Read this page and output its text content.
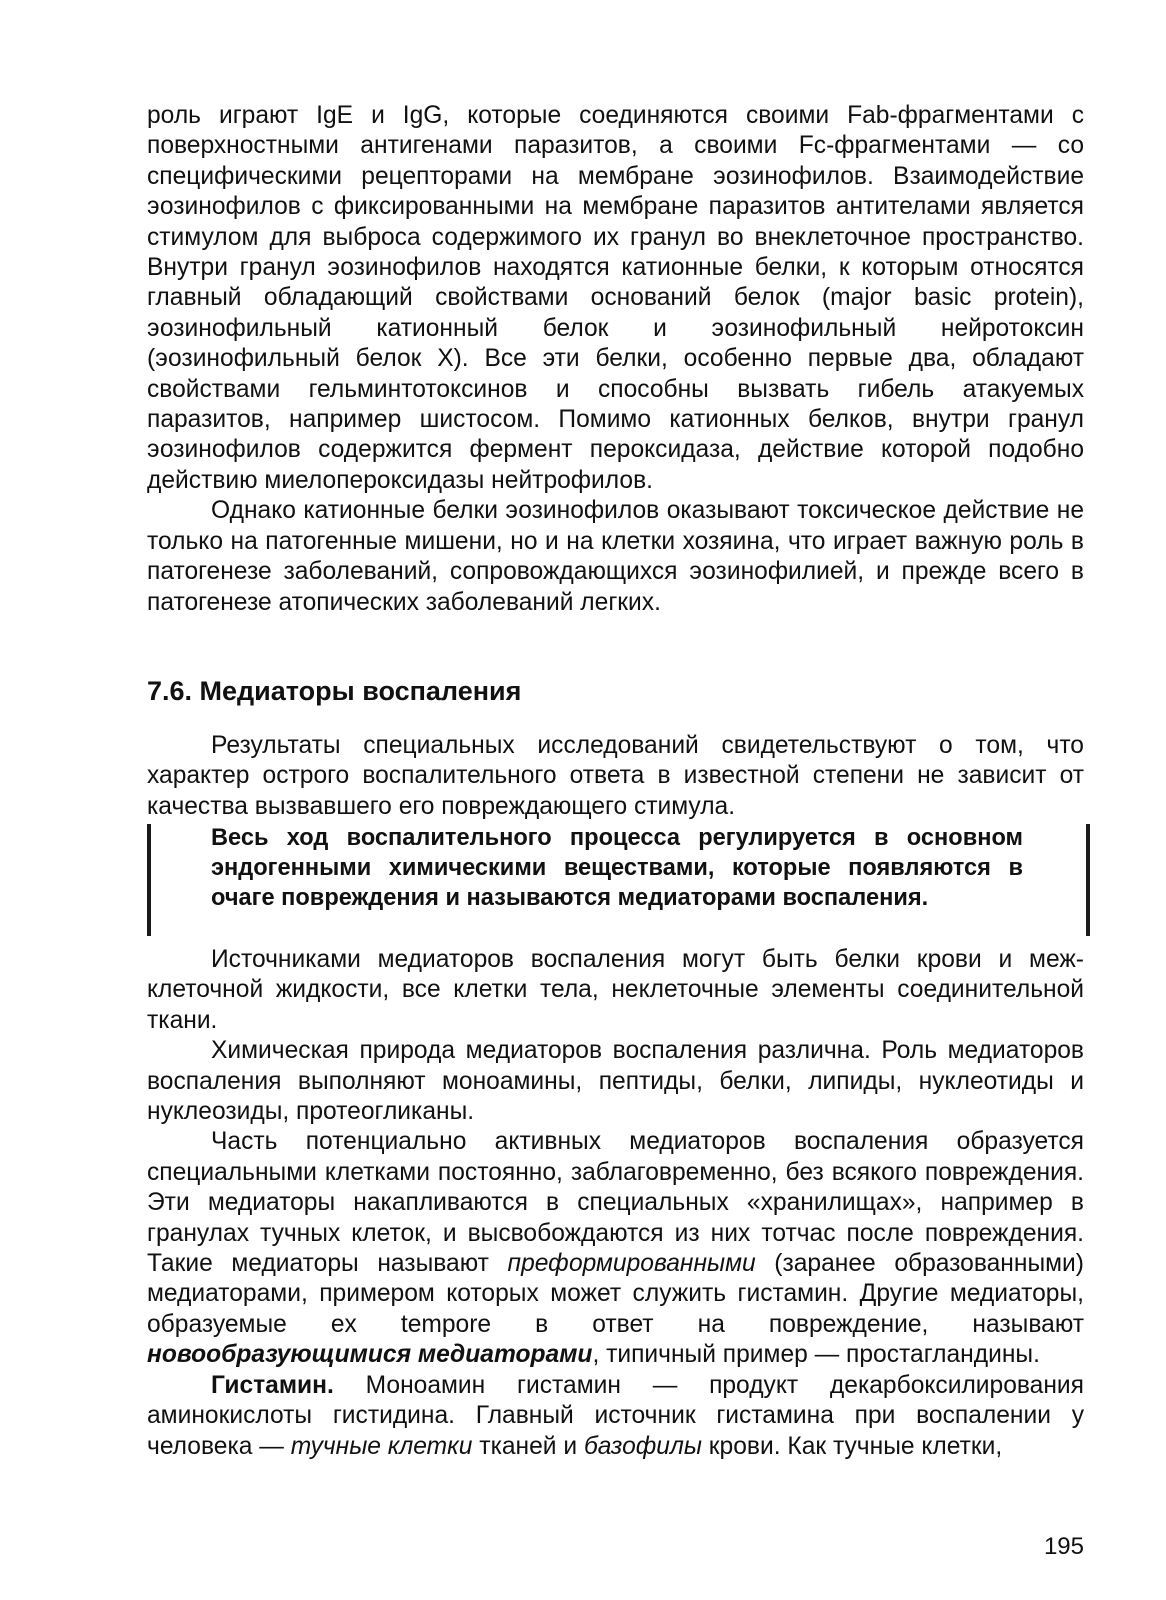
роль играют IgE и IgG, которые соединяются своими Fab-фрагментами с поверхностными антигенами паразитов, а своими Fc-фрагментами — со специфическими рецепторами на мембране эозинофилов. Взаимодействие эозинофилов с фиксированными на мембране паразитов антителами является стимулом для выброса содержимого их гранул во внеклеточное пространство. Внутри гранул эозинофилов находятся катионные белки, к которым относятся главный обладающий свойствами оснований белок (major basic protein), эозинофильный катионный белок и эозинофильный нейротоксин (эозинофильный белок X). Все эти белки, особенно первые два, обладают свойствами гельминтотоксинов и способны вызвать гибель атакуемых паразитов, например шистосом. Помимо катионных белков, внутри гранул эозинофилов содержится фермент пероксидаза, действие которой подобно действию миелопероксидазы нейтрофилов.

Однако катионные белки эозинофилов оказывают токсическое действие не только на патогенные мишени, но и на клетки хозяина, что играет важную роль в патогенезе заболеваний, сопровождающихся эозинофилией, и прежде всего в патогенезе атопических заболеваний легких.

7.6. Медиаторы воспаления

Результаты специальных исследований свидетельствуют о том, что характер острого воспалительного ответа в известной степени не зависит от качества вызвавшего его повреждающего стимула.

Весь ход воспалительного процесса регулируется в основном эндогенными химическими веществами, которые появляются в очаге повреждения и называются медиаторами воспаления.

Источниками медиаторов воспаления могут быть белки крови и межклеточной жидкости, все клетки тела, неклеточные элементы соединительной ткани.

Химическая природа медиаторов воспаления различна. Роль медиаторов воспаления выполняют моноамины, пептиды, белки, липиды, нуклеотиды и нуклеозиды, протеогликаны.

Часть потенциально активных медиаторов воспаления образуется специальными клетками постоянно, заблаговременно, без всякого повреждения. Эти медиаторы накапливаются в специальных «хранилищах», например в гранулах тучных клеток, и высвобождаются из них тотчас после повреждения. Такие медиаторы называют преформированными (заранее образованными) медиаторами, примером которых может служить гистамин. Другие медиаторы, образуемые ex tempore в ответ на повреждение, называют новообразующимися медиаторами, типичный пример — простагландины.

Гистамин. Моноамин гистамин — продукт декарбоксилирования аминокислоты гистидина. Главный источник гистамина при воспалении у человека — тучные клетки тканей и базофилы крови. Как тучные клетки,

195
